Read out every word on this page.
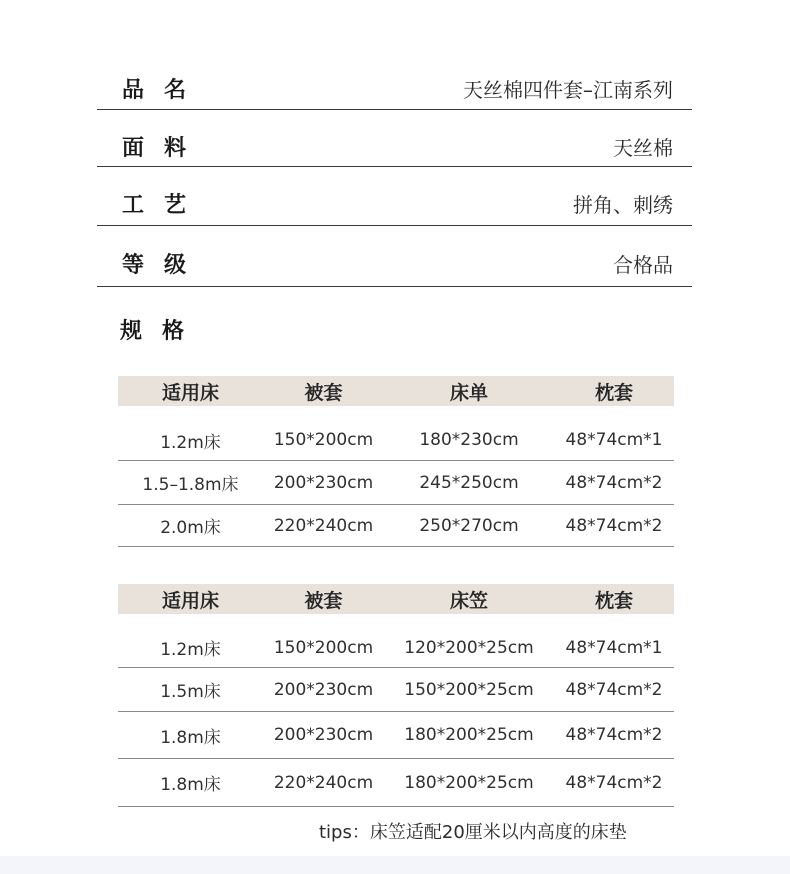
品名	天丝棉四件套–江南系列
面料	天丝棉
工艺	拼角、刺绣
等级	合格品
规格
适用床	被套	床单	枕套
1.2m床	150*200cm	180*230cm	48*74cm*1
1.5–1.8m床	200*230cm	245*250cm	48*74cm*2
2.0m床	220*240cm	250*270cm	48*74cm*2
适用床	被套	床笠	枕套
1.2m床	150*200cm	120*200*25cm	48*74cm*1
1.5m床	200*230cm	150*200*25cm	48*74cm*2
1.8m床	200*230cm	180*200*25cm	48*74cm*2
1.8m床	220*240cm	180*200*25cm	48*74cm*2
tips：床笠适配20厘米以内高度的床垫
